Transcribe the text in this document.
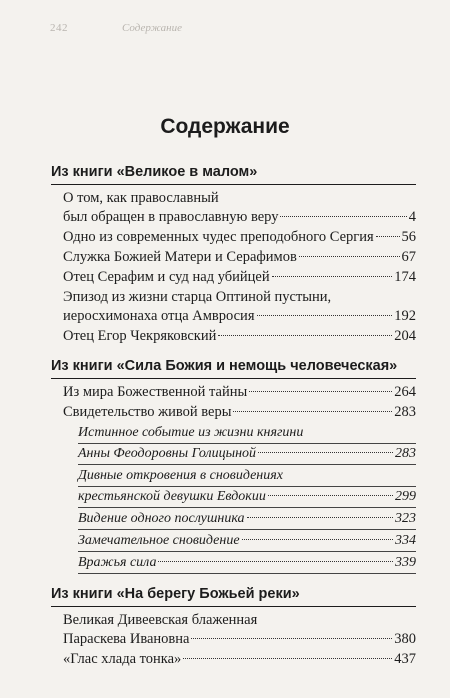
242	Содержание
Содержание
Из книги «Великое в малом»
О том, как православный
был обращен в православную веру	4
Одно из современных чудес преподобного Сергия 56
Служка Божией Матери и Серафимов	67
Отец Серафим и суд над убийцей	174
Эпизод из жизни старца Оптиной пустыни,
иеросхимонаха отца Амвросия	192
Отец Егор Чекряковский	204
Из книги «Сила Божия и немощь человеческая»
Из мира Божественной тайны	264
Свидетельство живой веры	283
Истинное событие из жизни княгини
Анны Феодоровны Голицыной	283
Дивные откровения в сновидениях
крестьянской девушки Евдокии	299
Видение одного послушника	323
Замечательное сновидение	334
Вражья сила	339
Из книги «На берегу Божьей реки»
Великая Дивеевская блаженная
Параскева Ивановна	380
«Глас хлада тонка»	437
